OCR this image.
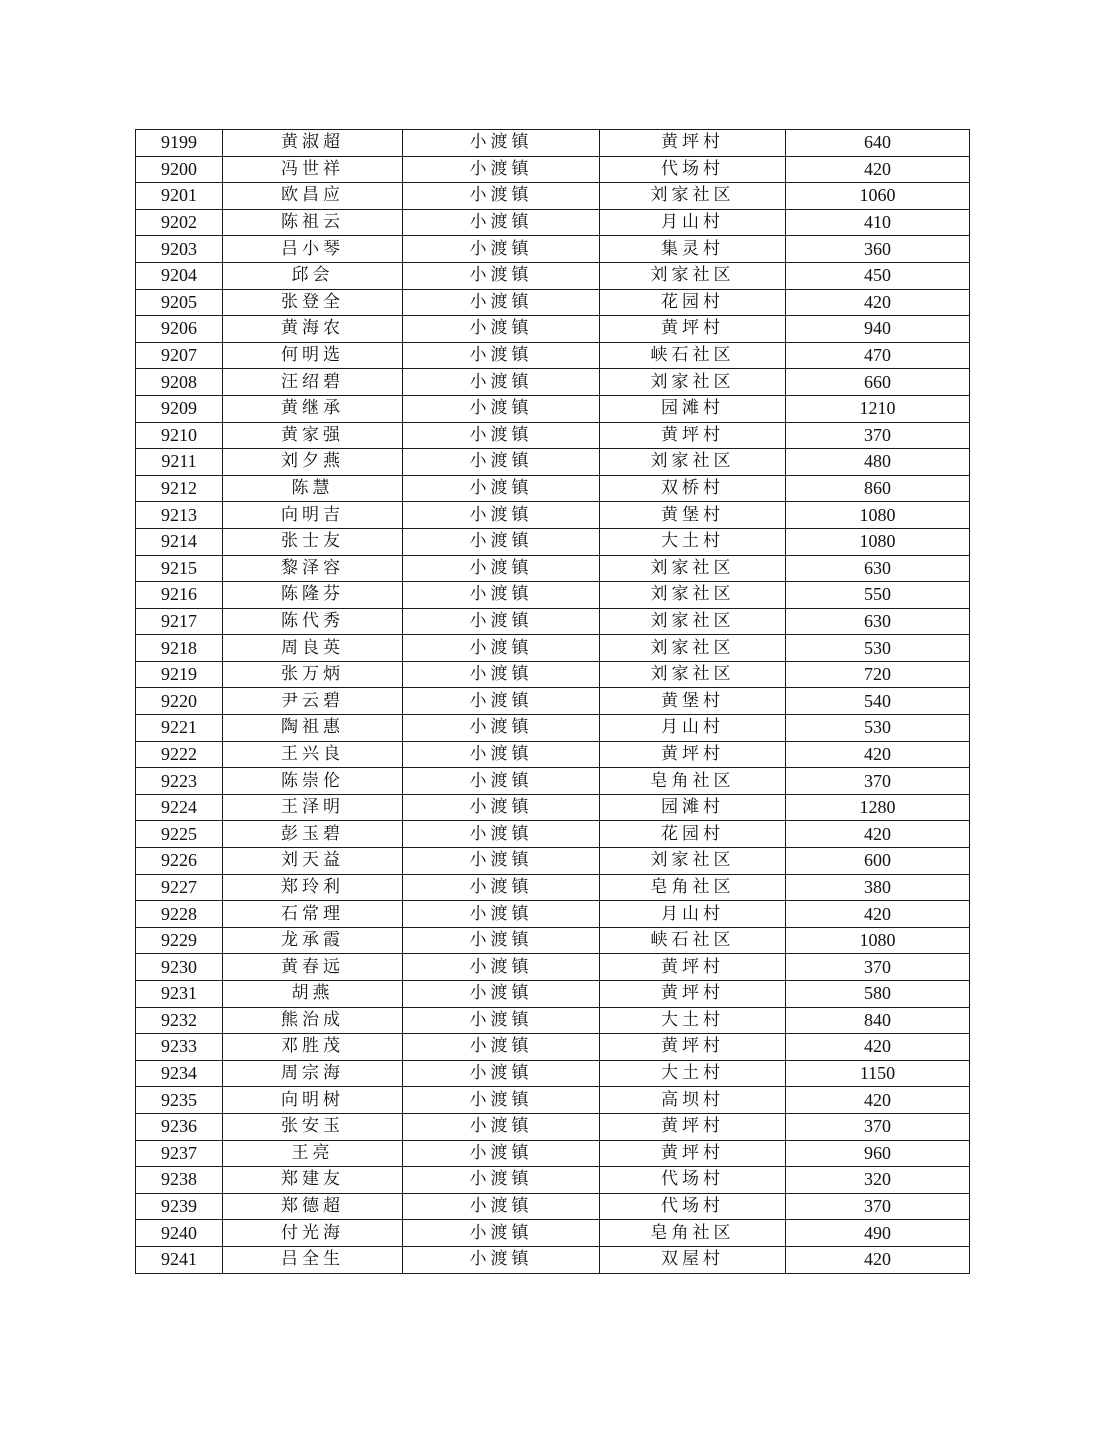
9199	黄淑超	小渡镇	黄坪村	640
9200	冯世祥	小渡镇	代场村	420
9201	欧昌应	小渡镇	刘家社区	1060
9202	陈祖云	小渡镇	月山村	410
9203	吕小琴	小渡镇	集灵村	360
9204	邱会	小渡镇	刘家社区	450
9205	张登全	小渡镇	花园村	420
9206	黄海农	小渡镇	黄坪村	940
9207	何明选	小渡镇	峡石社区	470
9208	汪绍碧	小渡镇	刘家社区	660
9209	黄继承	小渡镇	园滩村	1210
9210	黄家强	小渡镇	黄坪村	370
9211	刘夕燕	小渡镇	刘家社区	480
9212	陈慧	小渡镇	双桥村	860
9213	向明吉	小渡镇	黄堡村	1080
9214	张士友	小渡镇	大土村	1080
9215	黎泽容	小渡镇	刘家社区	630
9216	陈隆芬	小渡镇	刘家社区	550
9217	陈代秀	小渡镇	刘家社区	630
9218	周良英	小渡镇	刘家社区	530
9219	张万炳	小渡镇	刘家社区	720
9220	尹云碧	小渡镇	黄堡村	540
9221	陶祖惠	小渡镇	月山村	530
9222	王兴良	小渡镇	黄坪村	420
9223	陈崇伦	小渡镇	皂角社区	370
9224	王泽明	小渡镇	园滩村	1280
9225	彭玉碧	小渡镇	花园村	420
9226	刘天益	小渡镇	刘家社区	600
9227	郑玲利	小渡镇	皂角社区	380
9228	石常理	小渡镇	月山村	420
9229	龙承霞	小渡镇	峡石社区	1080
9230	黄春远	小渡镇	黄坪村	370
9231	胡燕	小渡镇	黄坪村	580
9232	熊治成	小渡镇	大土村	840
9233	邓胜茂	小渡镇	黄坪村	420
9234	周宗海	小渡镇	大土村	1150
9235	向明树	小渡镇	高坝村	420
9236	张安玉	小渡镇	黄坪村	370
9237	王亮	小渡镇	黄坪村	960
9238	郑建友	小渡镇	代场村	320
9239	郑德超	小渡镇	代场村	370
9240	付光海	小渡镇	皂角社区	490
9241	吕全生	小渡镇	双屋村	420
